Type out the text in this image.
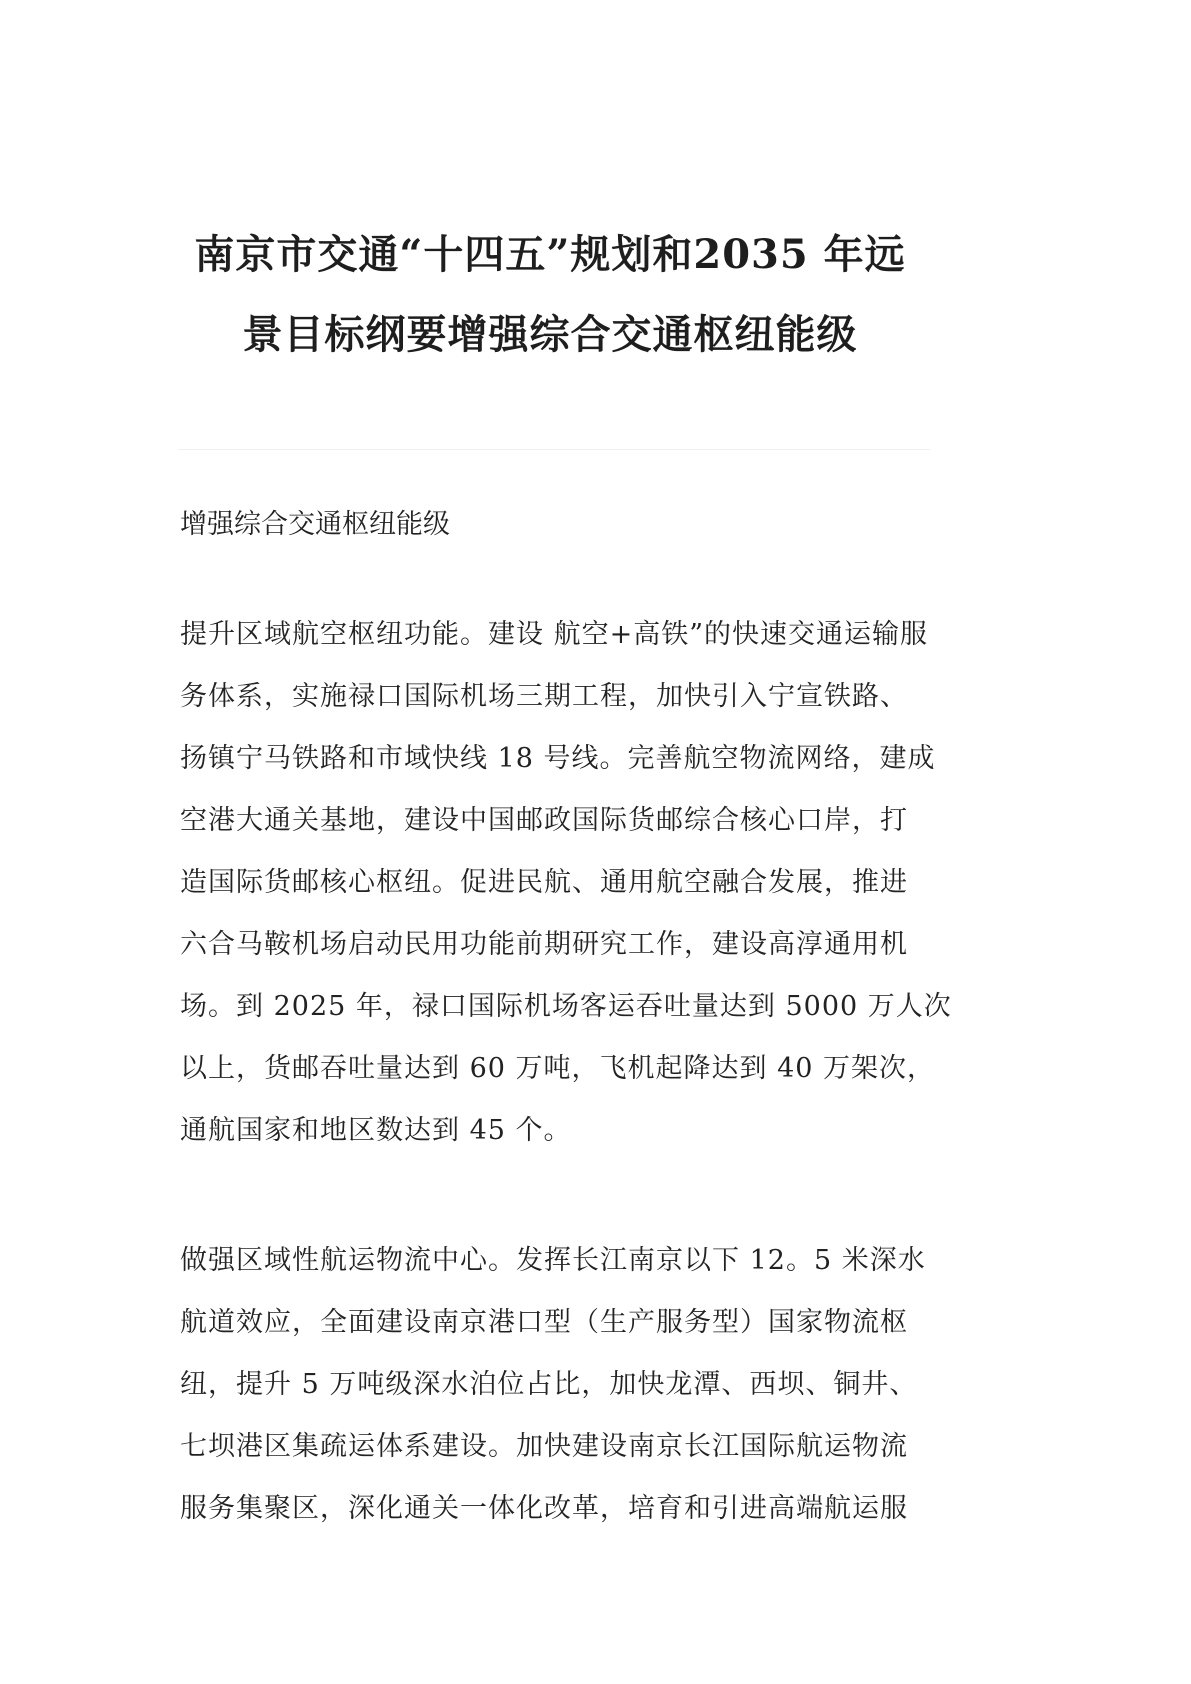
南京市交通“十四五”规划和2035 年远
景目标纲要增强综合交通枢纽能级
增强综合交通枢纽能级

提升区域航空枢纽功能。建设 航空+高铁”的快速交通运输服
务体系，实施禄口国际机场三期工程，加快引入宁宣铁路、
扬镇宁马铁路和市域快线 18 号线。完善航空物流网络，建成
空港大通关基地，建设中国邮政国际货邮综合核心口岸，打
造国际货邮核心枢纽。促进民航、通用航空融合发展，推进
六合马鞍机场启动民用功能前期研究工作，建设高淳通用机
场。到 2025 年，禄口国际机场客运吞吐量达到 5000 万人次
以上，货邮吞吐量达到 60 万吨，飞机起降达到 40 万架次，
通航国家和地区数达到 45 个。

做强区域性航运物流中心。发挥长江南京以下 12。5 米深水
航道效应，全面建设南京港口型（生产服务型）国家物流枢
纽，提升 5 万吨级深水泊位占比，加快龙潭、西坝、铜井、
七坝港区集疏运体系建设。加快建设南京长江国际航运物流
服务集聚区，深化通关一体化改革，培育和引进高端航运服
